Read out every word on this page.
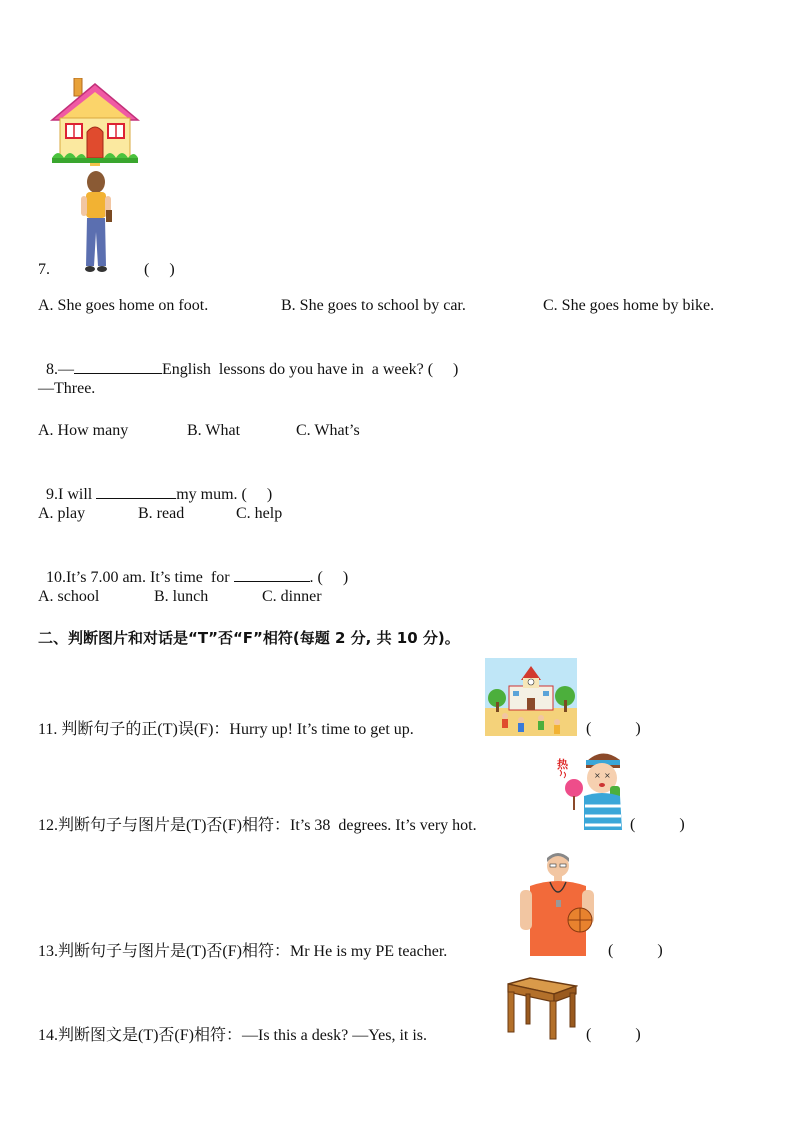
7.	(     )
A. She goes home on foot.	B. She goes to school by car.	C. She goes home by bike.

8.—	English  lessons do you have in  a week? (     )

—Three.
A. How many	B. What	C. What’s

9.I will	my mum. (     )

A. play	B. read	C. help

10.It’s 7.00 am. It’s time  for	. (     )

A. school	B. lunch	C. dinner
二、判断图片和对话是“T”否“F”相符(每题 2 分, 共 10 分)。
11. 判断句子的正(T)误(F)：Hurry up! It’s time to get up.	(           )
热
× ×
12.判断句子与图片是(T)否(F)相符：It’s 38  degrees. It’s very hot.	(           )
13.判断句子与图片是(T)否(F)相符：Mr He is my PE teacher.	(           )
14.判断图文是(T)否(F)相符：—Is this a desk? —Yes, it is.	(           )
